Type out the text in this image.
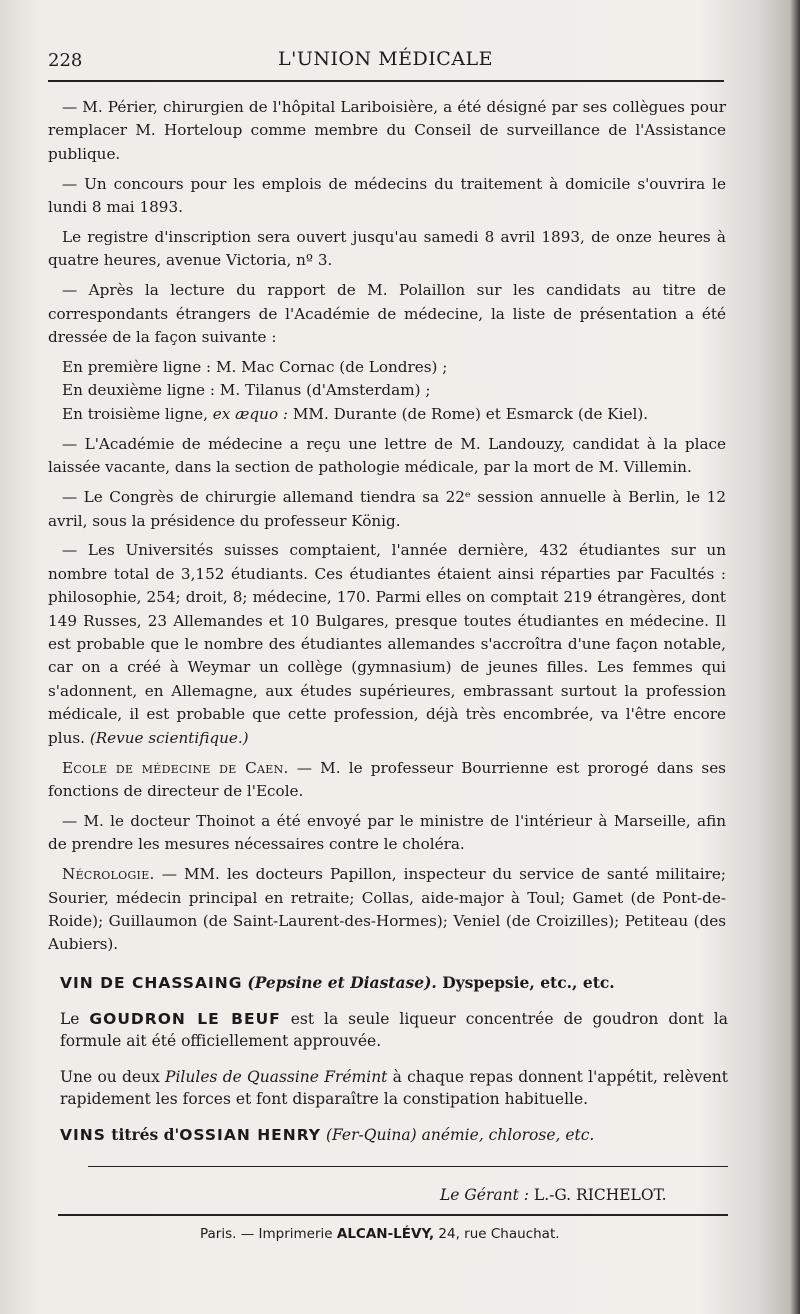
228	L'UNION MÉDICALE

— M. Périer, chirurgien de l'hôpital Lariboisière, a été désigné par ses collègues pour remplacer M. Horteloup comme membre du Conseil de surveillance de l'Assistance publique.

— Un concours pour les emplois de médecins du traitement à domicile s'ouvrira le lundi 8 mai 1893.

Le registre d'inscription sera ouvert jusqu'au samedi 8 avril 1893, de onze heures à quatre heures, avenue Victoria, nº 3.

— Après la lecture du rapport de M. Polaillon sur les candidats au titre de correspondants étrangers de l'Académie de médecine, la liste de présentation a été dressée de la façon suivante :

En première ligne : M. Mac Cornac (de Londres) ;

En deuxième ligne : M. Tilanus (d'Amsterdam) ;

En troisième ligne, ex æquo : MM. Durante (de Rome) et Esmarck (de Kiel).

— L'Académie de médecine a reçu une lettre de M. Landouzy, candidat à la place laissée vacante, dans la section de pathologie médicale, par la mort de M. Villemin.

— Le Congrès de chirurgie allemand tiendra sa 22ᵉ session annuelle à Berlin, le 12 avril, sous la présidence du professeur König.

— Les Universités suisses comptaient, l'année dernière, 432 étudiantes sur un nombre total de 3,152 étudiants. Ces étudiantes étaient ainsi réparties par Facultés : philosophie, 254; droit, 8; médecine, 170. Parmi elles on comptait 219 étrangères, dont 149 Russes, 23 Allemandes et 10 Bulgares, presque toutes étudiantes en médecine. Il est probable que le nombre des étudiantes allemandes s'accroîtra d'une façon notable, car on a créé à Weymar un collège (gymnasium) de jeunes filles. Les femmes qui s'adonnent, en Allemagne, aux études supérieures, embrassant surtout la profession médicale, il est probable que cette profession, déjà très encombrée, va l'être encore plus. (Revue scientifique.)

Ecole de médecine de Caen. — M. le professeur Bourrienne est prorogé dans ses fonctions de directeur de l'Ecole.

— M. le docteur Thoinot a été envoyé par le ministre de l'intérieur à Marseille, afin de prendre les mesures nécessaires contre le choléra.

Nécrologie. — MM. les docteurs Papillon, inspecteur du service de santé militaire; Sourier, médecin principal en retraite; Collas, aide-major à Toul; Gamet (de Pont-de-Roide); Guillaumon (de Saint-Laurent-des-Hormes); Veniel (de Croizilles); Petiteau (des Aubiers).

VIN DE CHASSAING (Pepsine et Diastase). Dyspepsie, etc., etc.
Le GOUDRON LE BEUF est la seule liqueur concentrée de goudron dont la formule ait été officiellement approuvée.
Une ou deux Pilules de Quassine Frémint à chaque repas donnent l'appétit, relèvent rapidement les forces et font disparaître la constipation habituelle.
VINS titrés d'OSSIAN HENRY (Fer-Quina) anémie, chlorose, etc.
Le Gérant : L.-G. RICHELOT.
Paris. — Imprimerie ALCAN-LÉVY, 24, rue Chauchat.
